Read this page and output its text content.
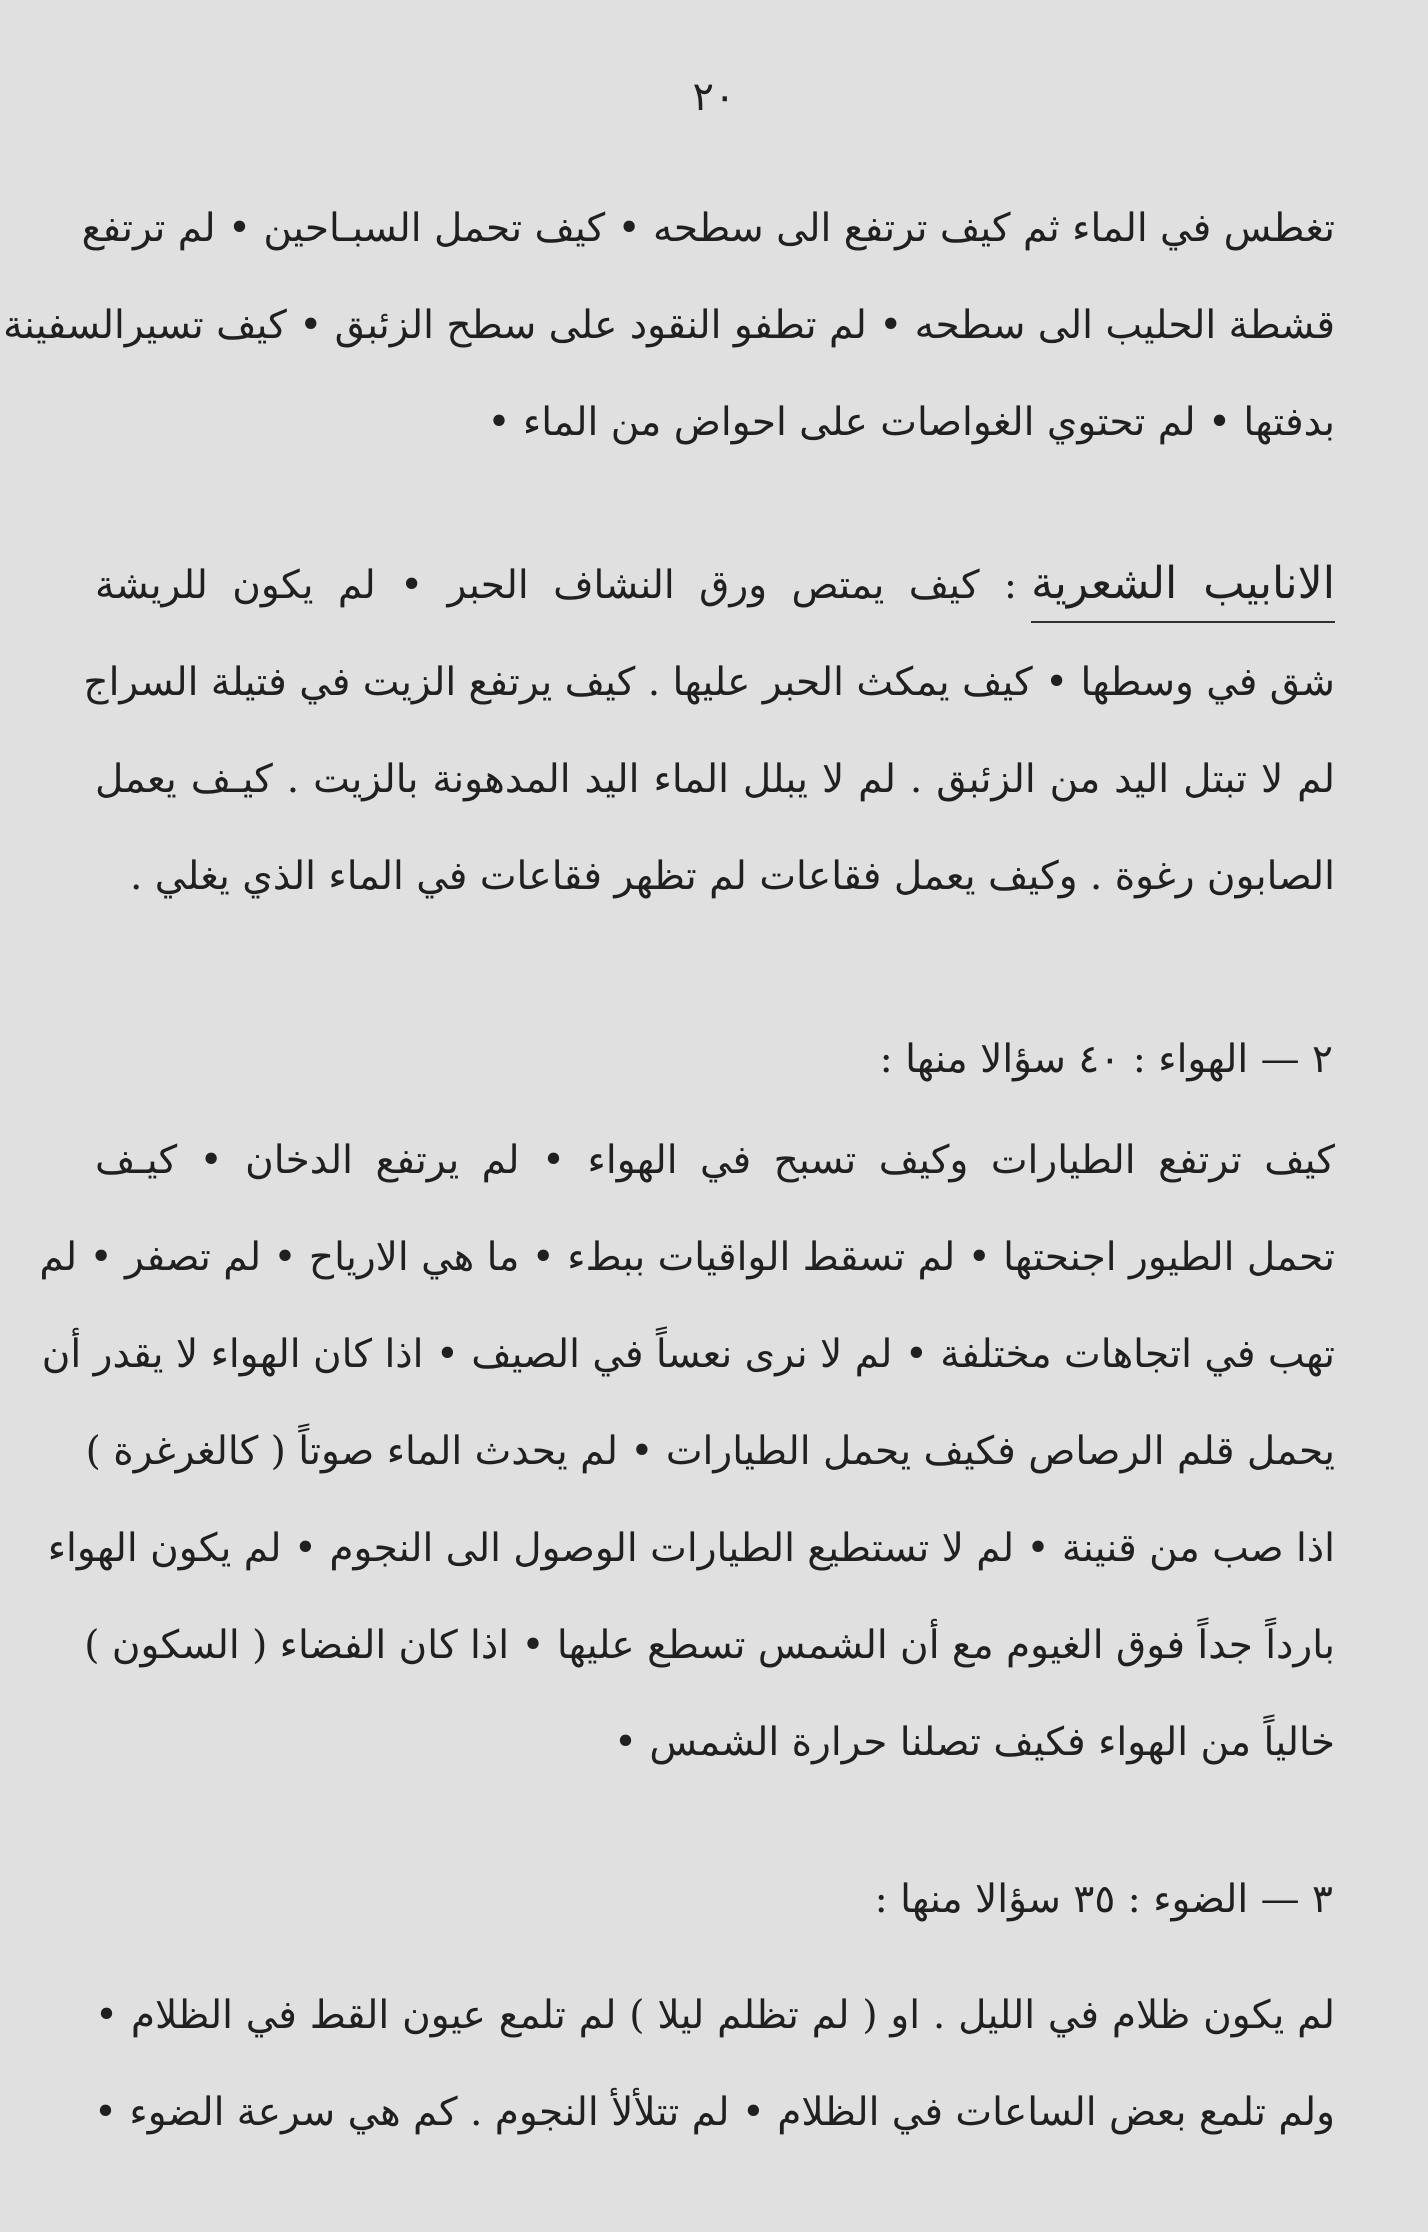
٢٠
تغطس في الماء ثم كيف ترتفع الى سطحه • كيف تحمل السبـاحين • لم ترتفع
قشطة الحليب الى سطحه • لم تطفو النقود على سطح الزئبق • كيف تسيرالسفينة
بدفتها • لم تحتوي الغواصات على احواض من الماء •
الانابيب الشعرية: كيف يمتص ورق النشاف الحبر • لم يكون للريشة
شق في وسطها • كيف يمكث الحبر عليها . كيف يرتفع الزيت في فتيلة السراج
لم لا تبتل اليد من الزئبق . لم لا يبلل الماء اليد المدهونة بالزيت . كيـف يعمل
الصابون رغوة . وكيف يعمل فقاعات لم تظهر فقاعات في الماء الذي يغلي .
٢ — الهواء : ٤٠ سؤالا منها :
كيف ترتفع الطيارات وكيف تسبح في الهواء • لم يرتفع الدخان • كيـف
تحمل الطيور اجنحتها • لم تسقط الواقيات ببطء • ما هي الارياح • لم تصفر • لم
تهب في اتجاهات مختلفة • لم لا نرى نعساً في الصيف • اذا كان الهواء لا يقدر أن
يحمل قلم الرصاص فكيف يحمل الطيارات • لم يحدث الماء صوتاً ( كالغرغرة )
اذا صب من قنينة • لم لا تستطيع الطيارات الوصول الى النجوم • لم يكون الهواء
بارداً جداً فوق الغيوم مع أن الشمس تسطع عليها • اذا كان الفضاء ( السكون )
خالياً من الهواء فكيف تصلنا حرارة الشمس •
٣ — الضوء : ٣٥ سؤالا منها :
لم يكون ظلام في الليل . او ( لم تظلم ليلا ) لم تلمع عيون القط في الظلام •
ولم تلمع بعض الساعات في الظلام • لم تتلألأ النجوم . كم هي سرعة الضوء •
